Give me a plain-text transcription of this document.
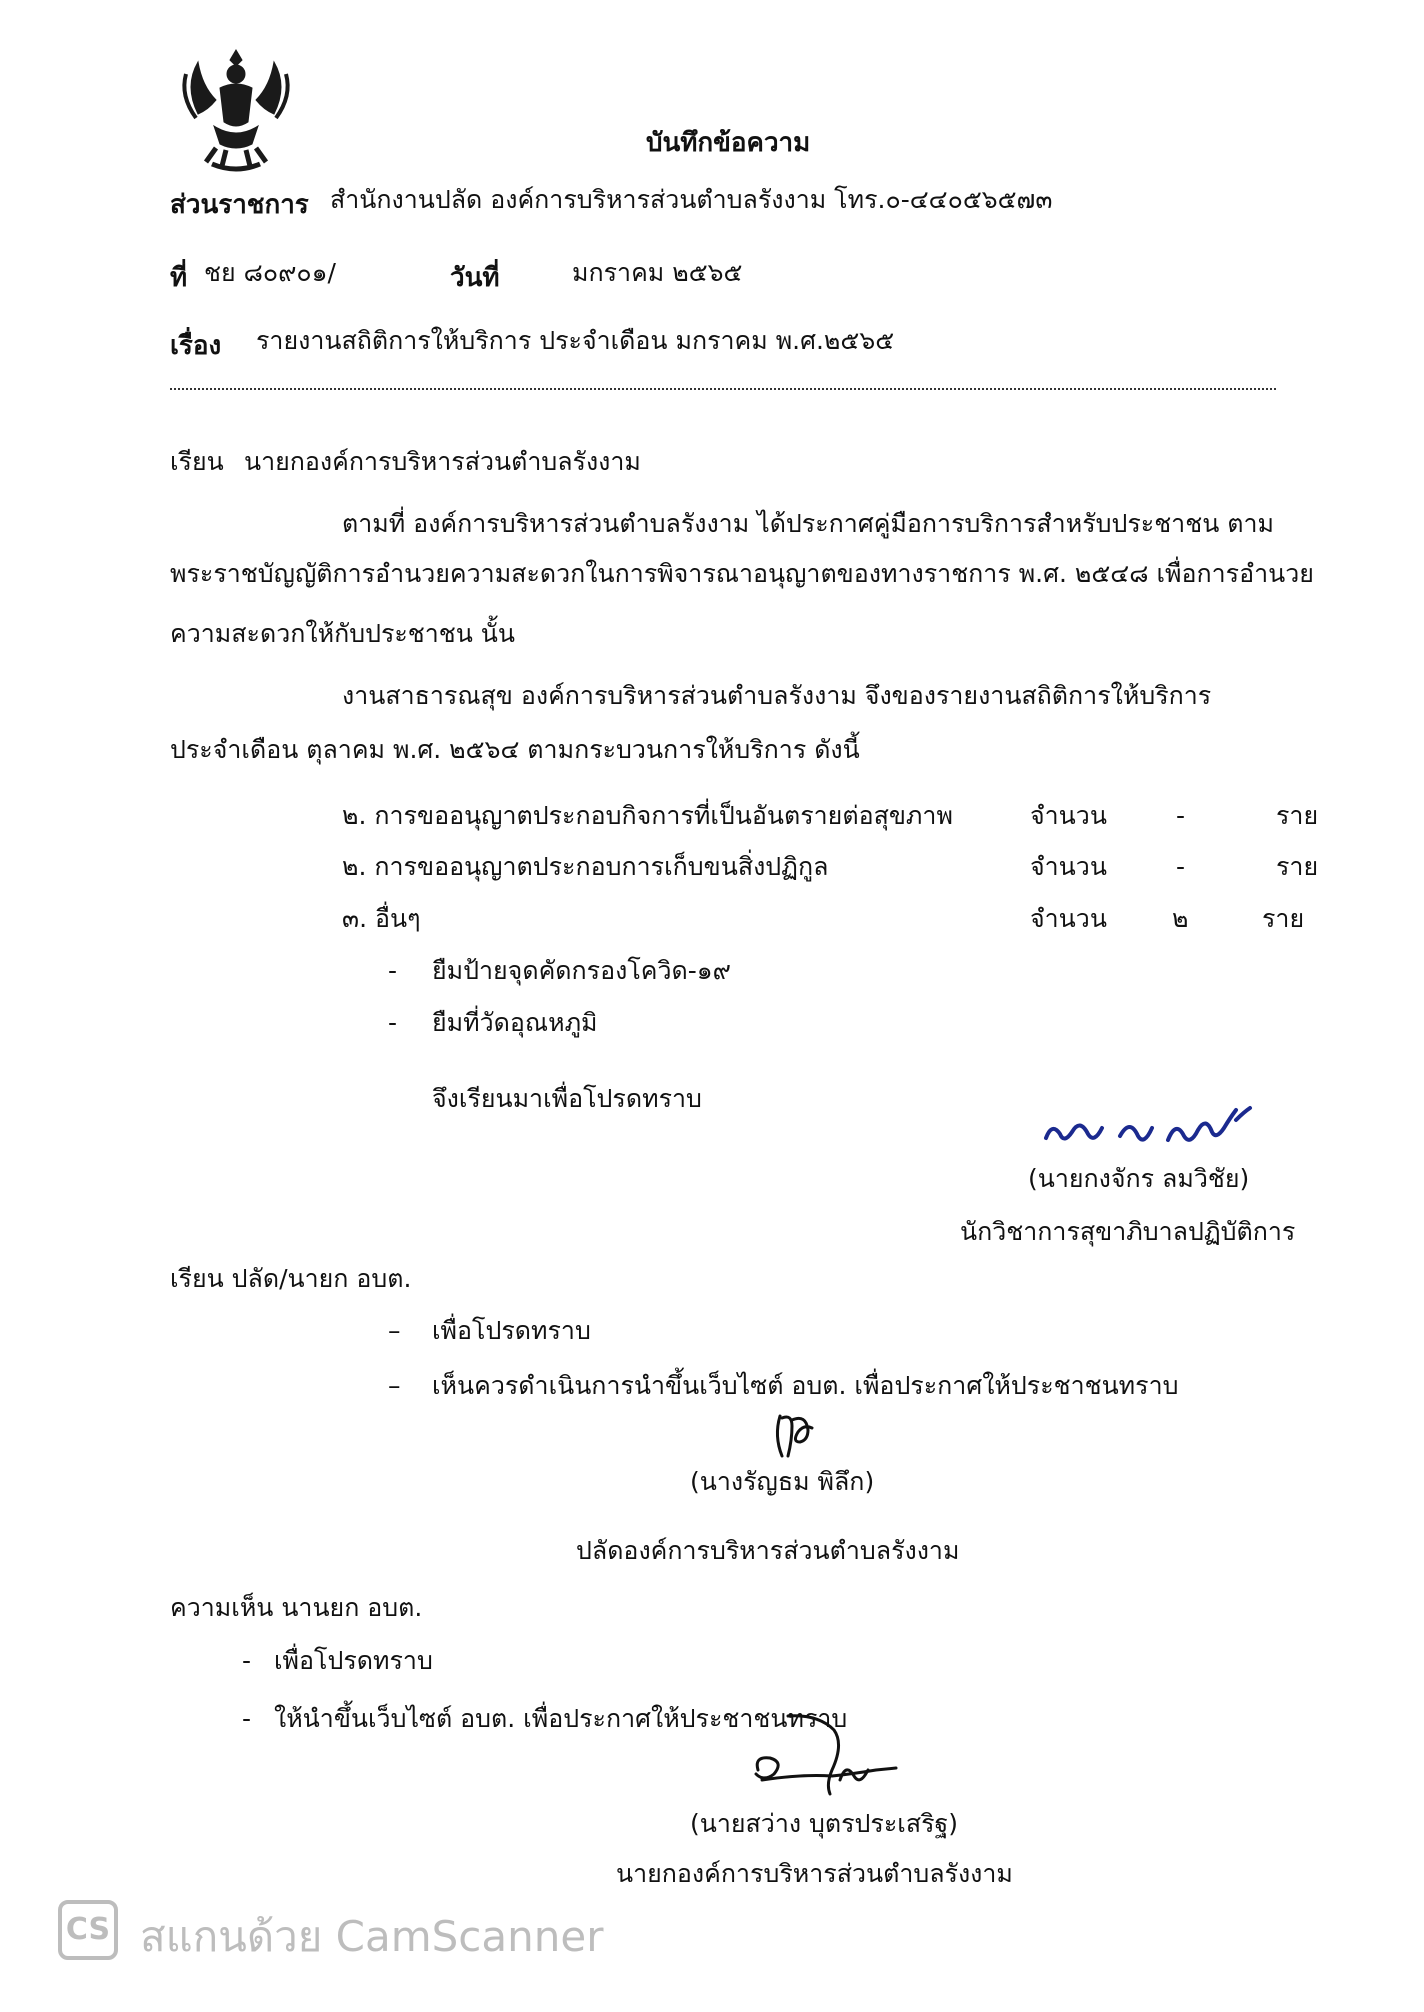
บันทึกข้อความ
ส่วนราชการ สำนักงานปลัด องค์การบริหารส่วนตำบลรังงาม โทร.๐-๔๔๐๕๖๕๗๓
ที่ ชย ๘๐๙๐๑/	วันที่	มกราคม ๒๕๖๕
เรื่อง รายงานสถิติการให้บริการ ประจำเดือน มกราคม พ.ศ.๒๕๖๕
เรียน นายกองค์การบริหารส่วนตำบลรังงาม
ตามที่ องค์การบริหารส่วนตำบลรังงาม ได้ประกาศคู่มือการบริการสำหรับประชาชน ตาม
พระราชบัญญัติการอำนวยความสะดวกในการพิจารณาอนุญาตของทางราชการ พ.ศ. ๒๕๔๘ เพื่อการอำนวย
ความสะดวกให้กับประชาชน นั้น
งานสาธารณสุข องค์การบริหารส่วนตำบลรังงาม จึงของรายงานสถิติการให้บริการ
ประจำเดือน ตุลาคม พ.ศ. ๒๕๖๔ ตามกระบวนการให้บริการ ดังนี้
๒. การขออนุญาตประกอบกิจการที่เป็นอันตรายต่อสุขภาพ	จำนวน	-	ราย
๒. การขออนุญาตประกอบการเก็บขนสิ่งปฏิกูล	จำนวน	-	ราย
๓. อื่นๆ	จำนวน	๒	ราย
- ยืมป้ายจุดคัดกรองโควิด-๑๙
- ยืมที่วัดอุณหภูมิ
จึงเรียนมาเพื่อโปรดทราบ
(นายกงจักร ลมวิชัย)
นักวิชาการสุขาภิบาลปฏิบัติการ
เรียน ปลัด/นายก อบต.
– เพื่อโปรดทราบ
– เห็นควรดำเนินการนำขึ้นเว็บไซต์ อบต. เพื่อประกาศให้ประชาชนทราบ
(นางรัญธม พิลึก)
ปลัดองค์การบริหารส่วนตำบลรังงาม
ความเห็น นานยก อบต.
- เพื่อโปรดทราบ
- ให้นำขึ้นเว็บไซต์ อบต. เพื่อประกาศให้ประชาชนทราบ
(นายสว่าง บุตรประเสริฐ)
นายกองค์การบริหารส่วนตำบลรังงาม
CS สแกนด้วย CamScanner
